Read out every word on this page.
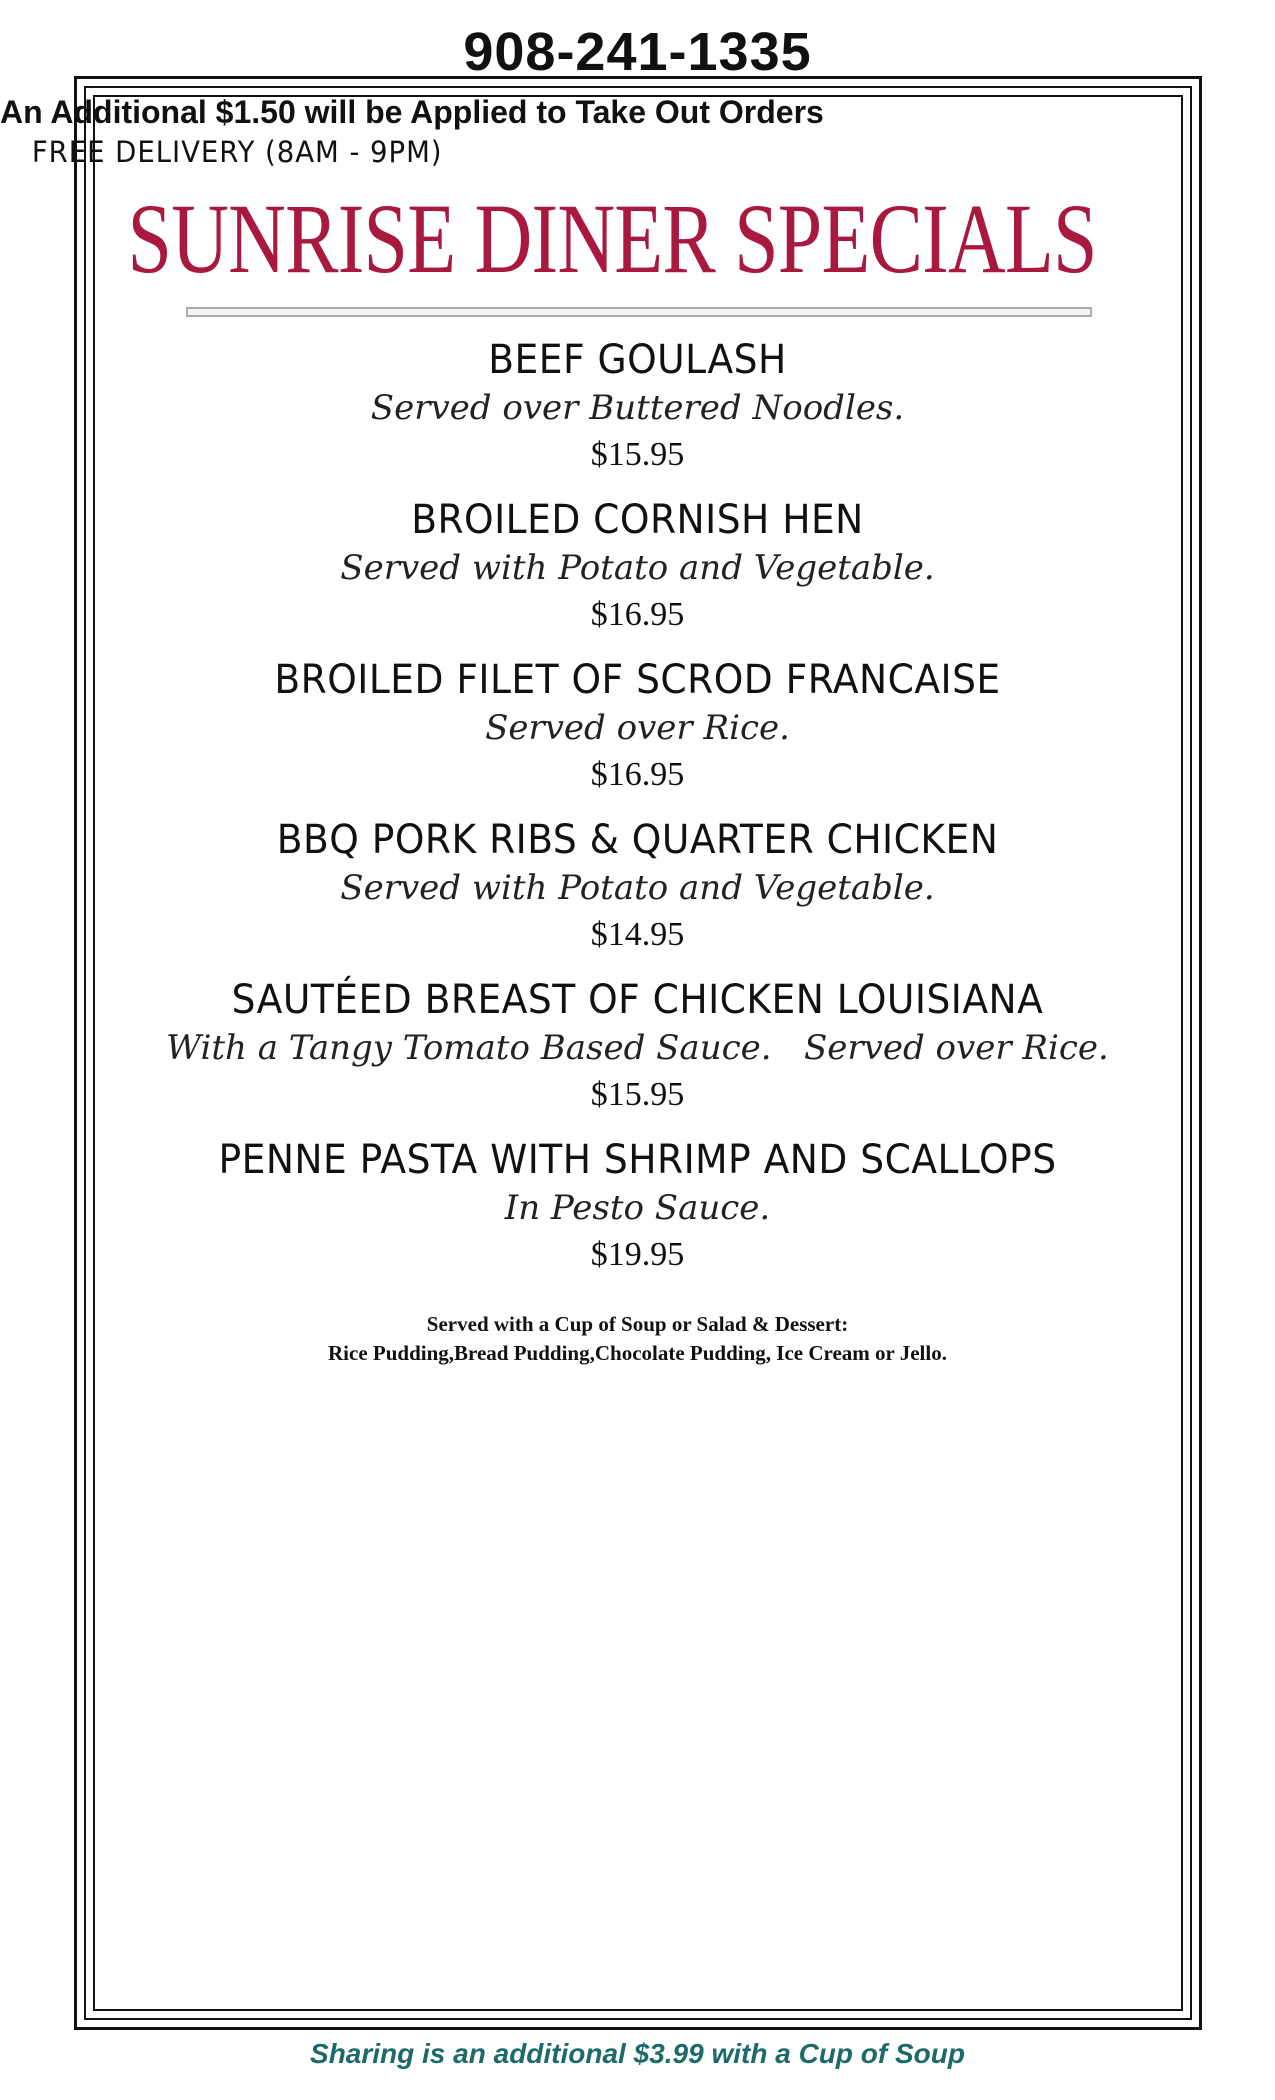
908-241-1335
An Additional $1.50 will be Applied to Take Out Orders
FREE DELIVERY (8AM - 9PM)
SUNRISE DINER SPECIALS
BEEF GOULASH
Served over Buttered Noodles.
$15.95
BROILED CORNISH HEN
Served with Potato and Vegetable.
$16.95
BROILED FILET OF SCROD FRANCAISE
Served over Rice.
$16.95
BBQ PORK RIBS & QUARTER CHICKEN
Served with Potato and Vegetable.
$14.95
SAUTÉED BREAST OF CHICKEN LOUISIANA
With a Tangy Tomato Based Sauce.   Served over Rice.
$15.95
PENNE PASTA WITH SHRIMP AND SCALLOPS
In Pesto Sauce.
$19.95
Served with a Cup of Soup or Salad & Dessert:
Rice Pudding,Bread Pudding,Chocolate Pudding, Ice Cream or Jello.
Sharing is an additional $3.99 with a Cup of Soup
